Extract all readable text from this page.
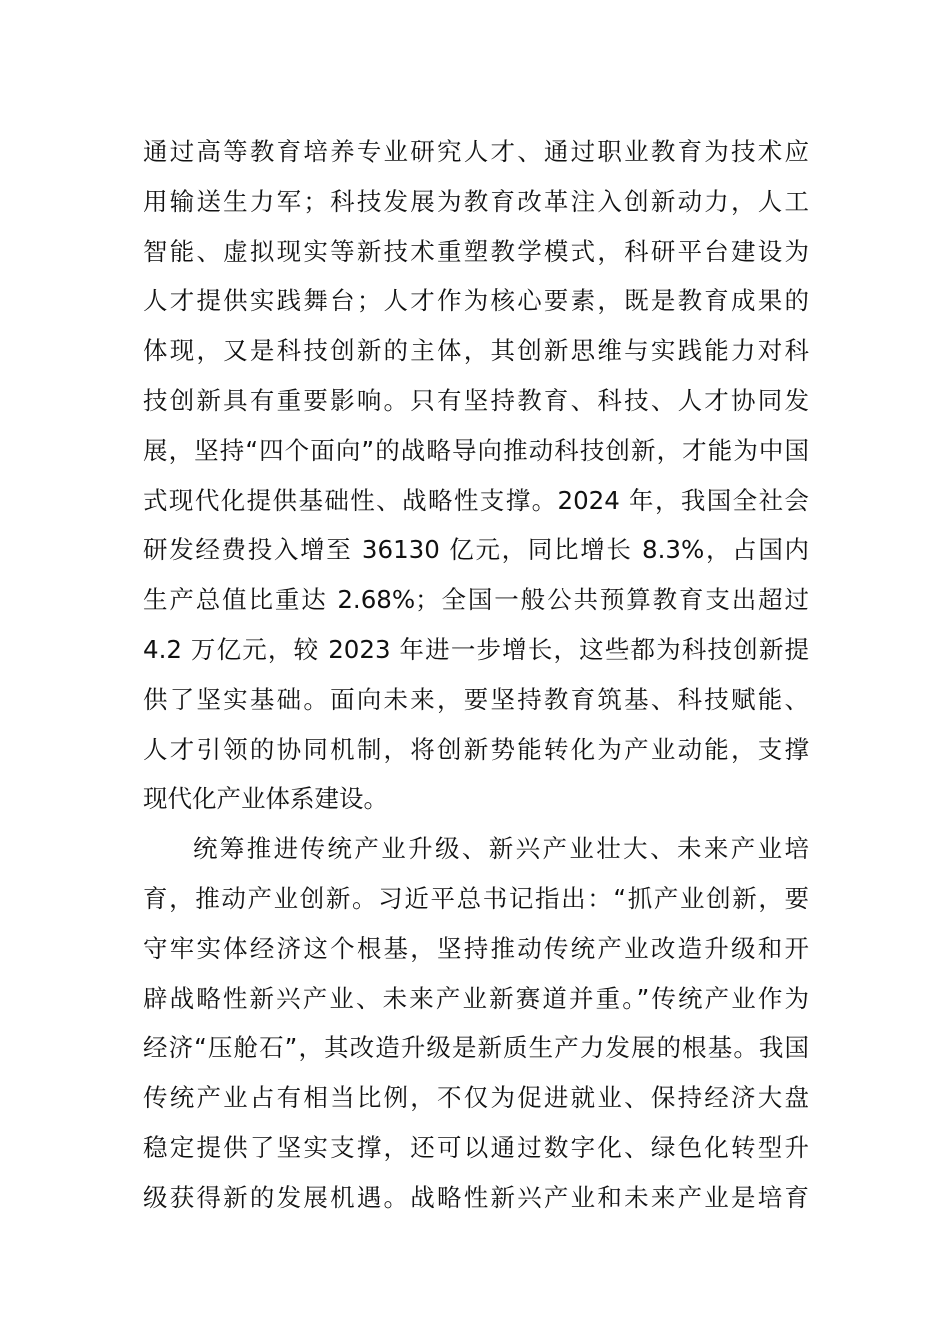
通过高等教育培养专业研究人才、通过职业教育为技术应
用输送生力军；科技发展为教育改革注入创新动力，人工
智能、虚拟现实等新技术重塑教学模式，科研平台建设为
人才提供实践舞台；人才作为核心要素，既是教育成果的
体现，又是科技创新的主体，其创新思维与实践能力对科
技创新具有重要影响。只有坚持教育、科技、人才协同发
展，坚持“四个面向”的战略导向推动科技创新，才能为中国
式现代化提供基础性、战略性支撑。2024 年，我国全社会
研发经费投入增至 36130 亿元，同比增长 8.3%，占国内
生产总值比重达 2.68%；全国一般公共预算教育支出超过
4.2 万亿元，较 2023 年进一步增长，这些都为科技创新提
供了坚实基础。面向未来，要坚持教育筑基、科技赋能、
人才引领的协同机制，将创新势能转化为产业动能，支撑
现代化产业体系建设。
统筹推进传统产业升级、新兴产业壮大、未来产业培
育，推动产业创新。习近平总书记指出：“抓产业创新，要
守牢实体经济这个根基，坚持推动传统产业改造升级和开
辟战略性新兴产业、未来产业新赛道并重。”传统产业作为
经济“压舱石”，其改造升级是新质生产力发展的根基。我国
传统产业占有相当比例，不仅为促进就业、保持经济大盘
稳定提供了坚实支撑，还可以通过数字化、绿色化转型升
级获得新的发展机遇。战略性新兴产业和未来产业是培育
